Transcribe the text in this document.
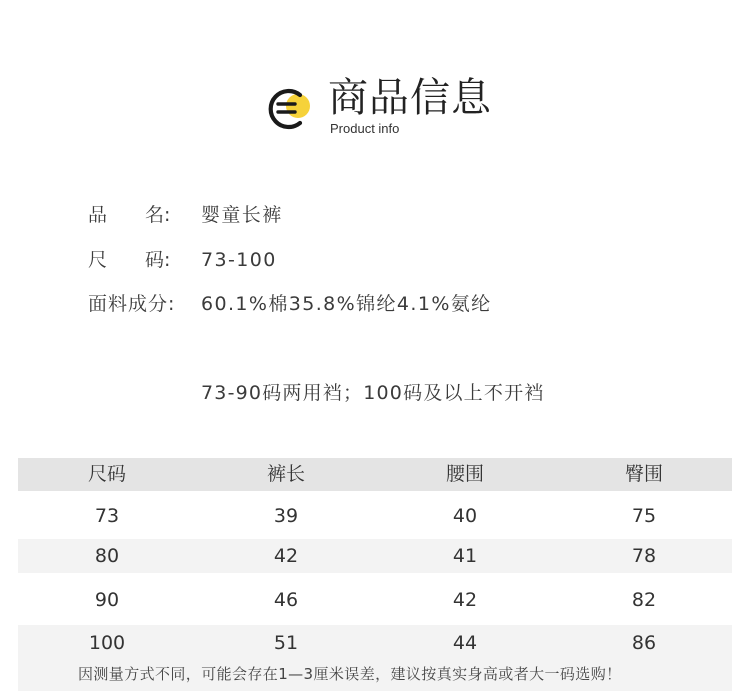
商品信息
Product info
品 名: 婴童长裤
尺 码: 73-100
面料成分: 60.1%棉35.8%锦纶4.1%氨纶
73-90码两用裆；100码及以上不开裆
尺码	裤长	腰围	臀围
73	39	40	75
80	42	41	78
90	46	42	82
100	51	44	86
因测量方式不同，可能会存在1—3厘米误差，建议按真实身高或者大一码选购！
